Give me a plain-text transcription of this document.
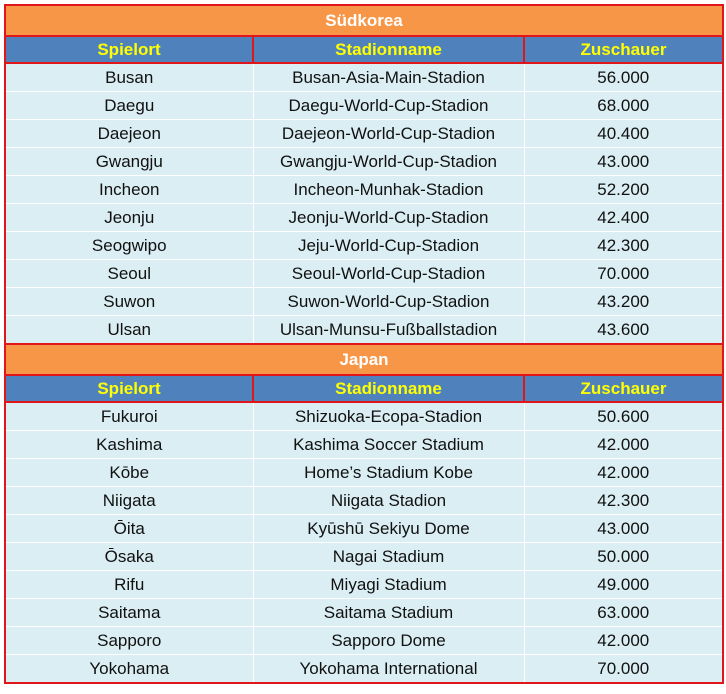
Südkorea		
Spielort	Stadionname	Zuschauer
Busan	Busan-Asia-Main-Stadion	56.000
Daegu	Daegu-World-Cup-Stadion	68.000
Daejeon	Daejeon-World-Cup-Stadion	40.400
Gwangju	Gwangju-World-Cup-Stadion	43.000
Incheon	Incheon-Munhak-Stadion	52.200
Jeonju	Jeonju-World-Cup-Stadion	42.400
Seogwipo	Jeju-World-Cup-Stadion	42.300
Seoul	Seoul-World-Cup-Stadion	70.000
Suwon	Suwon-World-Cup-Stadion	43.200
Ulsan	Ulsan-Munsu-Fußballstadion	43.600
Japan		
Spielort	Stadionname	Zuschauer
Fukuroi	Shizuoka-Ecopa-Stadion	50.600
Kashima	Kashima Soccer Stadium	42.000
Kōbe	Home’s Stadium Kobe	42.000
Niigata	Niigata Stadion	42.300
Ōita	Kyūshū Sekiyu Dome	43.000
Ōsaka	Nagai Stadium	50.000
Rifu	Miyagi Stadium	49.000
Saitama	Saitama Stadium	63.000
Sapporo	Sapporo Dome	42.000
Yokohama	Yokohama International	70.000
